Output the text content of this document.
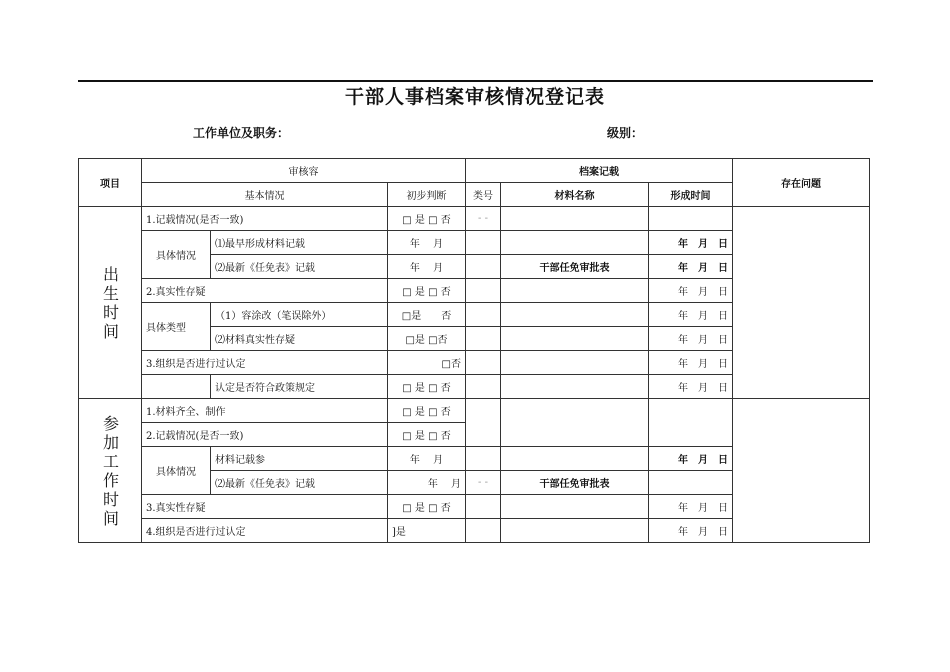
干部人事档案审核情况登记表
工作单位及职务：	级别：
项目	审核容			档案记载			存在问题
	基本情况		初步判断	类号	材料名称	形成时间	

出生时间	1.记载情况(是否一致)		□ 是 □ 否	- -			
	具体情况	⑴最早形成材料记载	年　 月			年　月　日	
		⑵最新《任免表》记载	年　 月		干部任免审批表	年　月　日	
	2.真实性存疑		□ 是 □ 否			年　月　日	
	具体类型	（1）容涂改（笔误除外）	□是　　否			年　月　日	
		⑵材料真实性存疑	□是 □否			年　月　日	
	3.组织是否进行过认定		□否			年　月　日	
		认定是否符合政策规定	□ 是 □ 否			年　月　日	

参加工作时间	1.材料齐全、制作		□ 是 □ 否				
	2.记载情况(是否一致)		□ 是 □ 否				
	具体情况	材料记载参	年　 月			年　月　日	
		⑵最新《任免表》记载	年　 月	- -	干部任免审批表		
	3.真实性存疑		□ 是 □ 否			年　月　日	
	4.组织是否进行过认定		]是			年　月　日	
